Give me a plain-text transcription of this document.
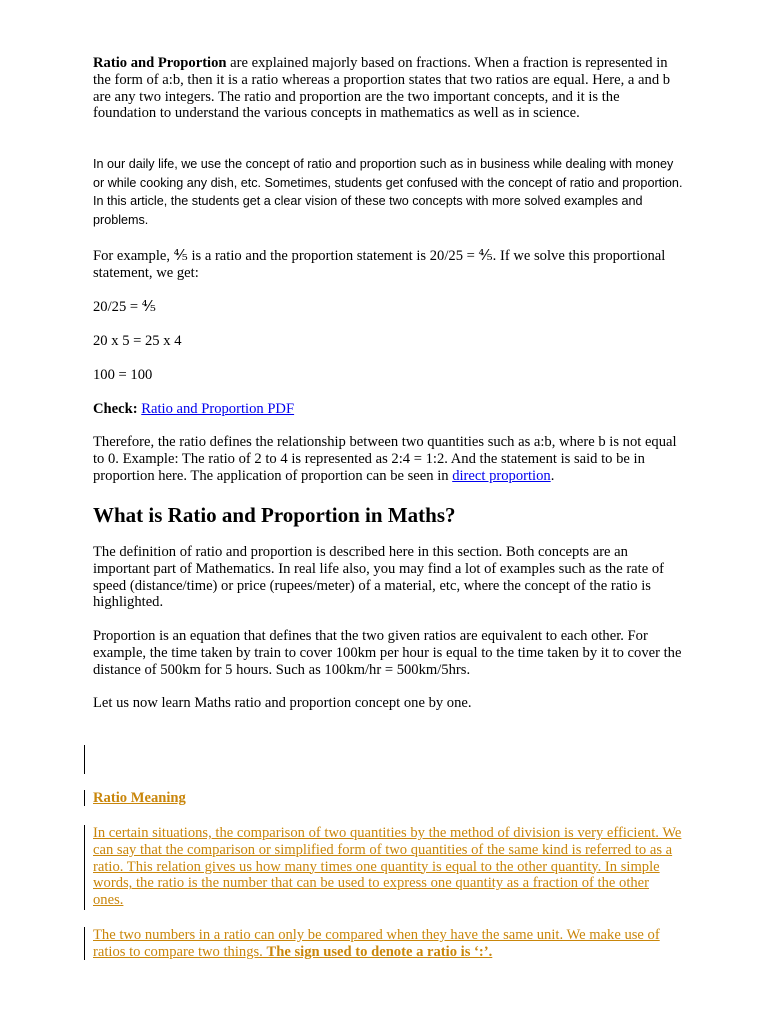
Ratio and Proportion are explained majorly based on fractions. When a fraction is represented in the form of a:b, then it is a ratio whereas a proportion states that two ratios are equal. Here, a and b are any two integers. The ratio and proportion are the two important concepts, and it is the foundation to understand the various concepts in mathematics as well as in science.

In our daily life, we use the concept of ratio and proportion such as in business while dealing with money or while cooking any dish, etc. Sometimes, students get confused with the concept of ratio and proportion. In this article, the students get a clear vision of these two concepts with more solved examples and problems.

For example, ⅘ is a ratio and the proportion statement is 20/25 = ⅘. If we solve this proportional statement, we get:

20/25 = ⅘

20 x 5 = 25 x 4

100 = 100

Check: Ratio and Proportion PDF

Therefore, the ratio defines the relationship between two quantities such as a:b, where b is not equal to 0. Example: The ratio of 2 to 4 is represented as 2:4 = 1:2. And the statement is said to be in proportion here. The application of proportion can be seen in direct proportion.

What is Ratio and Proportion in Maths?

The definition of ratio and proportion is described here in this section. Both concepts are an important part of Mathematics. In real life also, you may find a lot of examples such as the rate of speed (distance/time) or price (rupees/meter) of a material, etc, where the concept of the ratio is highlighted.

Proportion is an equation that defines that the two given ratios are equivalent to each other. For example, the time taken by train to cover 100km per hour is equal to the time taken by it to cover the distance of 500km for 5 hours. Such as 100km/hr = 500km/5hrs.

Let us now learn Maths ratio and proportion concept one by one.

Ratio Meaning

In certain situations, the comparison of two quantities by the method of division is very efficient. We can say that the comparison or simplified form of two quantities of the same kind is referred to as a ratio. This relation gives us how many times one quantity is equal to the other quantity. In simple words, the ratio is the number that can be used to express one quantity as a fraction of the other ones.

The two numbers in a ratio can only be compared when they have the same unit. We make use of ratios to compare two things. The sign used to denote a ratio is ‘:’.
